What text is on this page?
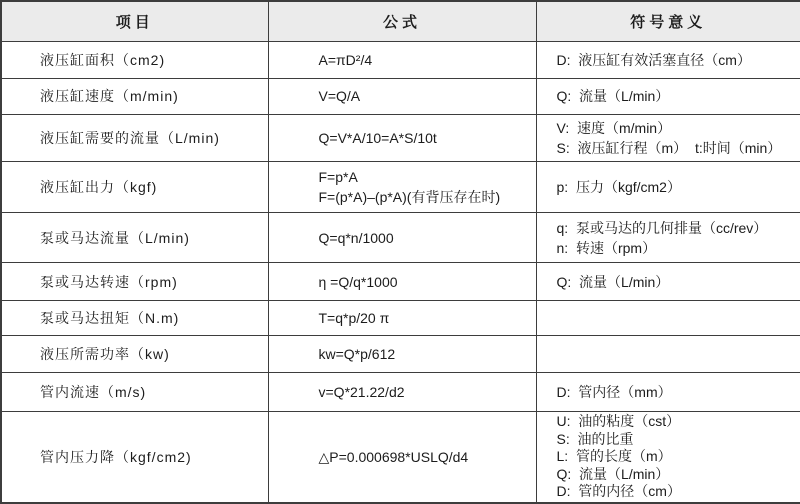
项目	公式	符号意义
液压缸面积（cm2)	A=πD²/4	D:  液压缸有效活塞直径（cm）

液压缸速度（m/min)	V=Q/A	Q:  流量（L/min）

液压缸需要的流量（L/min)	Q=V*A/10=A*S/10t	V:  速度（m/min）
S:  液压缸行程（m）  t:时间（min）

液压缸出力（kgf)	F=p*A
F=(p*A)–(p*A)(有背压存在时)	p:  压力（kgf/cm2）

泵或马达流量（L/min)	Q=q*n/1000	q:  泵或马达的几何排量（cc/rev）
n:  转速（rpm）

泵或马达转速（rpm)	η =Q/q*1000	Q:  流量（L/min）

泵或马达扭矩（N.m)	T=q*p/20 π	

液压所需功率（kw)	kw=Q*p/612	

管内流速（m/s)	v=Q*21.22/d2	D:  管内径（mm）

管内压力降（kgf/cm2)	△P=0.000698*USLQ/d4	U:  油的粘度（cst）
S:  油的比重
L:  管的长度（m）
Q:  流量（L/min）
D:  管的内径（cm）
